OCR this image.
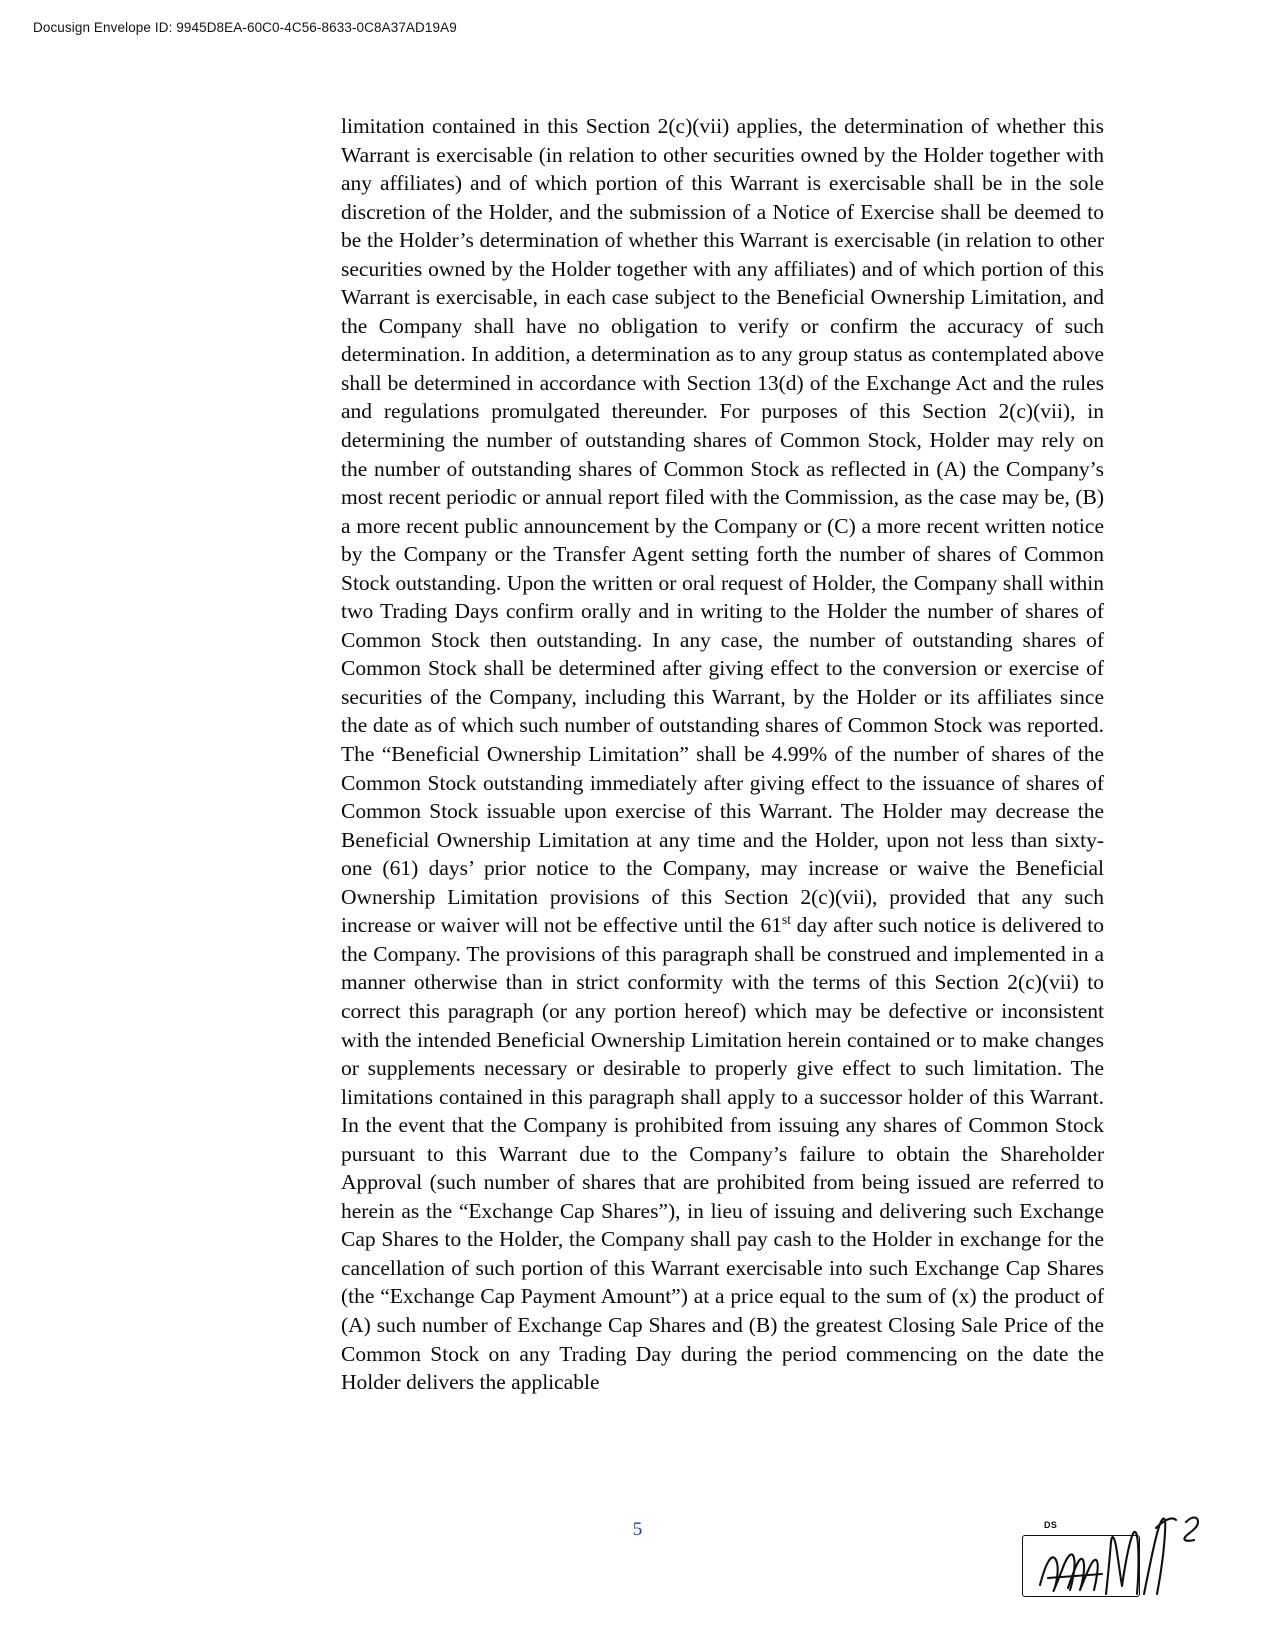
Docusign Envelope ID: 9945D8EA-60C0-4C56-8633-0C8A37AD19A9

limitation contained in this Section 2(c)(vii) applies, the determination of whether this Warrant is exercisable (in relation to other securities owned by the Holder together with any affiliates) and of which portion of this Warrant is exercisable shall be in the sole discretion of the Holder, and the submission of a Notice of Exercise shall be deemed to be the Holder’s determination of whether this Warrant is exercisable (in relation to other securities owned by the Holder together with any affiliates) and of which portion of this Warrant is exercisable, in each case subject to the Beneficial Ownership Limitation, and the Company shall have no obligation to verify or confirm the accuracy of such determination. In addition, a determination as to any group status as contemplated above shall be determined in accordance with Section 13(d) of the Exchange Act and the rules and regulations promulgated thereunder. For purposes of this Section 2(c)(vii), in determining the number of outstanding shares of Common Stock, Holder may rely on the number of outstanding shares of Common Stock as reflected in (A) the Company’s most recent periodic or annual report filed with the Commission, as the case may be, (B) a more recent public announcement by the Company or (C) a more recent written notice by the Company or the Transfer Agent setting forth the number of shares of Common Stock outstanding. Upon the written or oral request of Holder, the Company shall within two Trading Days confirm orally and in writing to the Holder the number of shares of Common Stock then outstanding. In any case, the number of outstanding shares of Common Stock shall be determined after giving effect to the conversion or exercise of securities of the Company, including this Warrant, by the Holder or its affiliates since the date as of which such number of outstanding shares of Common Stock was reported. The “Beneficial Ownership Limitation” shall be 4.99% of the number of shares of the Common Stock outstanding immediately after giving effect to the issuance of shares of Common Stock issuable upon exercise of this Warrant. The Holder may decrease the Beneficial Ownership Limitation at any time and the Holder, upon not less than sixty-one (61) days’ prior notice to the Company, may increase or waive the Beneficial Ownership Limitation provisions of this Section 2(c)(vii), provided that any such increase or waiver will not be effective until the 61st day after such notice is delivered to the Company. The provisions of this paragraph shall be construed and implemented in a manner otherwise than in strict conformity with the terms of this Section 2(c)(vii) to correct this paragraph (or any portion hereof) which may be defective or inconsistent with the intended Beneficial Ownership Limitation herein contained or to make changes or supplements necessary or desirable to properly give effect to such limitation. The limitations contained in this paragraph shall apply to a successor holder of this Warrant. In the event that the Company is prohibited from issuing any shares of Common Stock pursuant to this Warrant due to the Company’s failure to obtain the Shareholder Approval (such number of shares that are prohibited from being issued are referred to herein as the “Exchange Cap Shares”), in lieu of issuing and delivering such Exchange Cap Shares to the Holder, the Company shall pay cash to the Holder in exchange for the cancellation of such portion of this Warrant exercisable into such Exchange Cap Shares (the “Exchange Cap Payment Amount”) at a price equal to the sum of (x) the product of (A) such number of Exchange Cap Shares and (B) the greatest Closing Sale Price of the Common Stock on any Trading Day during the period commencing on the date the Holder delivers the applicable

5	DS
